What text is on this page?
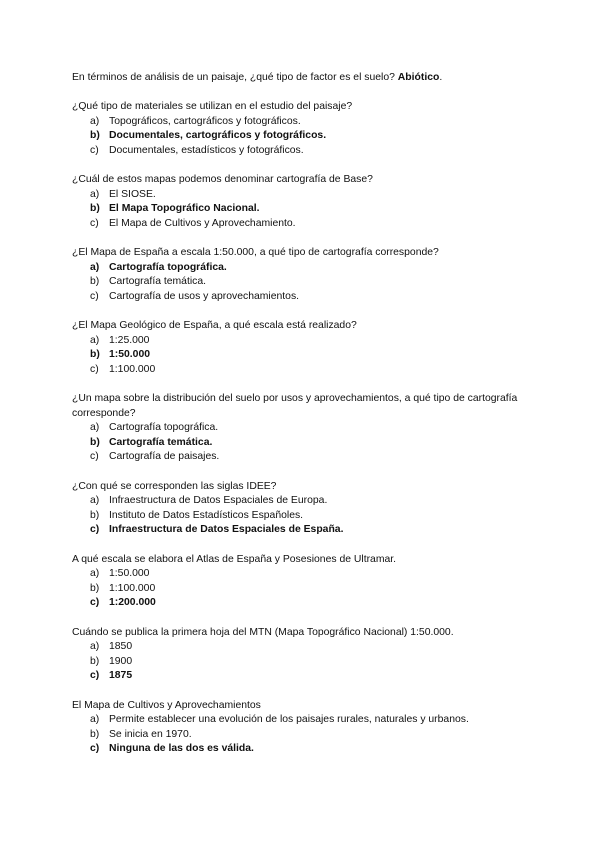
En términos de análisis de un paisaje, ¿qué tipo de factor es el suelo? Abiótico.

¿Qué tipo de materiales se utilizan en el estudio del paisaje?

a) Topográficos, cartográficos y fotográficos.
b) Documentales, cartográficos y fotográficos.
c) Documentales, estadísticos y fotográficos.

¿Cuál de estos mapas podemos denominar cartografía de Base?

a) El SIOSE.
b) El Mapa Topográfico Nacional.
c) El Mapa de Cultivos y Aprovechamiento.

¿El Mapa de España a escala 1:50.000, a qué tipo de cartografía corresponde?

a) Cartografía topográfica.
b) Cartografía temática.
c) Cartografía de usos y aprovechamientos.

¿El Mapa Geológico de España, a qué escala está realizado?

a) 1:25.000
b) 1:50.000
c) 1:100.000

¿Un mapa sobre la distribución del suelo por usos y aprovechamientos, a qué tipo de cartografía corresponde?

a) Cartografía topográfica.
b) Cartografía temática.
c) Cartografía de paisajes.

¿Con qué se corresponden las siglas IDEE?

a) Infraestructura de Datos Espaciales de Europa.
b) Instituto de Datos Estadísticos Españoles.
c) Infraestructura de Datos Espaciales de España.

A qué escala se elabora el Atlas de España y Posesiones de Ultramar.

a) 1:50.000
b) 1:100.000
c) 1:200.000

Cuándo se publica la primera hoja del MTN (Mapa Topográfico Nacional) 1:50.000.

a) 1850
b) 1900
c) 1875

El Mapa de Cultivos y Aprovechamientos

a) Permite establecer una evolución de los paisajes rurales, naturales y urbanos.
b) Se inicia en 1970.
c) Ninguna de las dos es válida.
